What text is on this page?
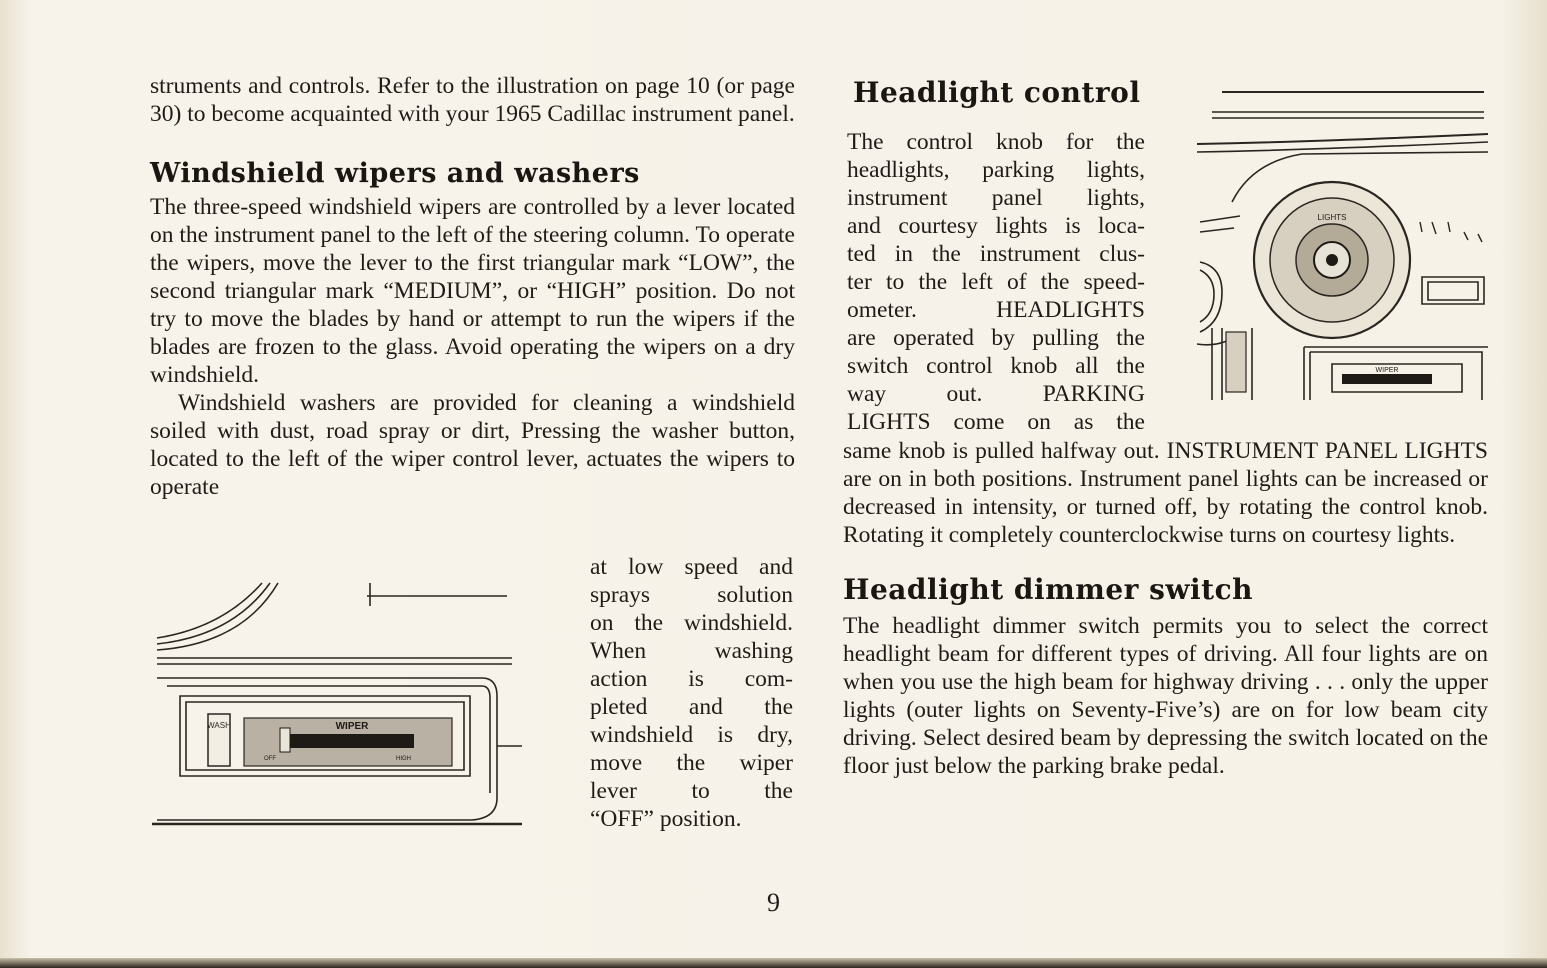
struments and controls. Refer to the illustration on page 10 (or page 30) to become acquainted with your 1965 Cadillac instrument panel.

Windshield wipers and washers

The three-speed windshield wipers are controlled by a lever located on the instrument panel to the left of the steering column. To operate the wipers, move the lever to the first triangular mark “LOW”, the second triangular mark “MEDIUM”, or “HIGH” position. Do not try to move the blades by hand or attempt to run the wipers if the blades are frozen to the glass. Avoid operating the wipers on a dry windshield.

Windshield washers are provided for cleaning a windshield soiled with dust, road spray or dirt, Pressing the washer button, located to the left of the wiper control lever, actuates the wipers to operate

at low speed and

sprays solution

on the windshield.

When washing

action is com-

pleted and the

windshield is dry,

move the wiper

lever to the

“OFF” position.

WASH	WIPER
OFF	HIGH
Headlight control

The control knob for the

headlights, parking lights,

instrument panel lights,

and courtesy lights is loca-

ted in the instrument clus-

ter to the left of the speed-

ometer. HEADLIGHTS

are operated by pulling the

switch control knob all the

way out. PARKING

LIGHTS come on as the

LIGHTS
WIPER

same knob is pulled halfway out. INSTRUMENT PANEL LIGHTS are on in both positions. Instrument panel lights can be increased or decreased in intensity, or turned off, by rotating the control knob. Rotating it completely counterclockwise turns on courtesy lights.

Headlight dimmer switch

The headlight dimmer switch permits you to select the correct headlight beam for different types of driving. All four lights are on when you use the high beam for highway driving . . . only the upper lights (outer lights on Seventy-Five’s) are on for low beam city driving. Select desired beam by depressing the switch located on the floor just below the parking brake pedal.

9
